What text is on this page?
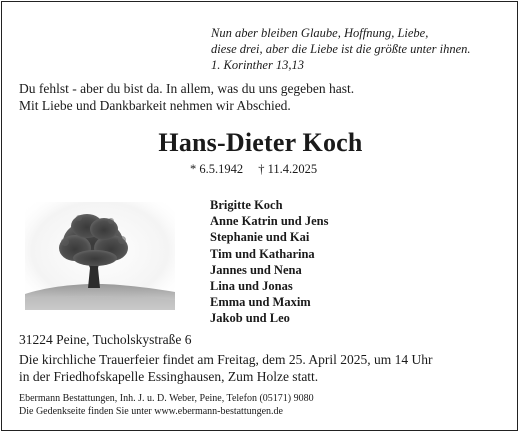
Nun aber bleiben Glaube, Hoffnung, Liebe,
diese drei, aber die Liebe ist die größte unter ihnen.
1. Korinther 13,13
Du fehlst - aber du bist da. In allem, was du uns gegeben hast.
Mit Liebe und Dankbarkeit nehmen wir Abschied.
Hans-Dieter Koch
* 6.5.1942 † 11.4.2025
Brigitte Koch
Anne Katrin und Jens
Stephanie und Kai
Tim und Katharina
Jannes und Nena
Lina und Jonas
Emma und Maxim
Jakob und Leo
31224 Peine, Tucholskystraße 6
Die kirchliche Trauerfeier findet am Freitag, dem 25. April 2025, um 14 Uhr
in der Friedhofskapelle Essinghausen, Zum Holze statt.
Ebermann Bestattungen, Inh. J. u. D. Weber, Peine, Telefon (05171) 9080
Die Gedenkseite finden Sie unter www.ebermann-bestattungen.de
